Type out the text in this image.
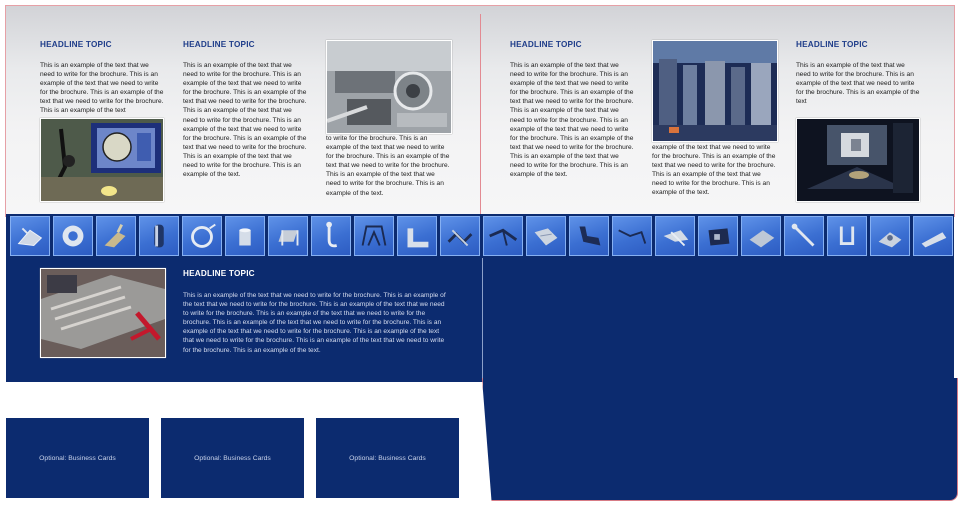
HEADLINE TOPIC
This is an example of the text that we need to write for the brochure. This is an example of the text that we need to write for the brochure. This is an example of the text that we need to write for the brochure. This is an example of the text
HEADLINE TOPIC
This is an example of the text that we need to write for the brochure. This is an example of the text that we need to write for the brochure. This is an example of the text that we need to write for the brochure. This is an example of the text that we need to write for the brochure. This is an example of the text that we need to write for the brochure. This is an example of the text that we need to write for the brochure. This is an example of the text that we need to write for the brochure. This is an example of the text.
to write for the brochure. This is an example of the text that we need to write for the brochure. This is an example of the text that we need to write for the brochure. This is an example of the text that we need to write for the brochure. This is an example of the text.
HEADLINE TOPIC
This is an example of the text that we need to write for the brochure. This is an example of the text that we need to write for the brochure. This is an example of the text that we need to write for the brochure. This is an example of the text that we need to write for the brochure. This is an example of the text that we need to write for the brochure. This is an example of the text that we need to write for the brochure. This is an example of the text that we need to write for the brochure. This is an example of the text.
example of the text that we need to write for the brochure. This is an example of the text that we need to write for the brochure. This is an example of the text that we need to write for the brochure. This is an example of the text.
HEADLINE TOPIC
This is an example of the text that we need to write for the brochure. This is an example of the text that we need to write for the brochure. This is an example of the text
HEADLINE TOPIC
This is an example of the text that we need to write for the brochure. This is an example of the text that we need to write for the brochure. This is an example of the text that we need to write for the brochure. This is an example of the text that we need to write for the brochure. This is an example of the text that we need to write for the brochure. This is an example of the text that we need to write for the brochure. This is an example of the text that we need to write for the brochure. This is an example of the text that we need to write for the brochure. This is an example of the text.
Optional: Business Cards	Optional: Business Cards	Optional: Business Cards
